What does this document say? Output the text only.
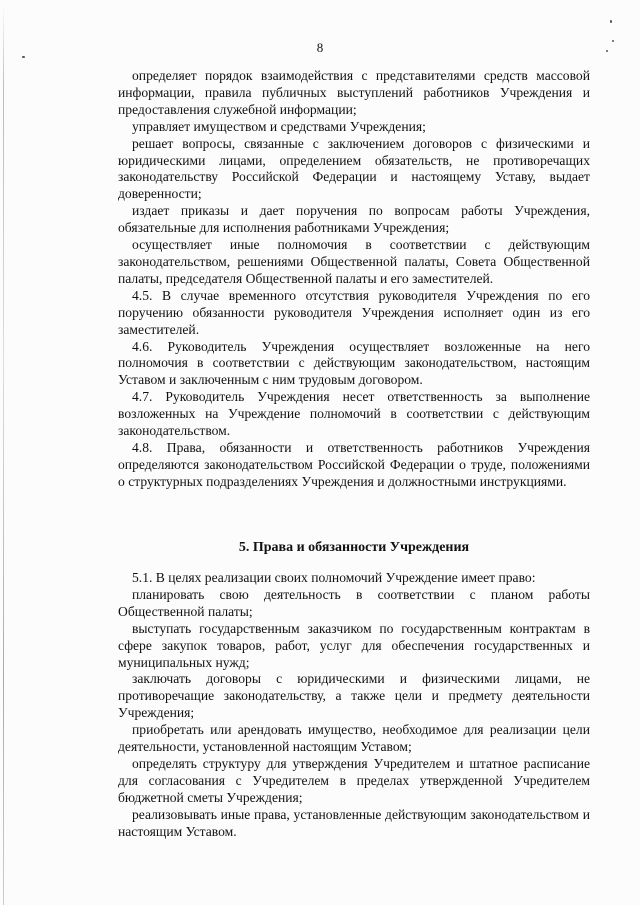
8

определяет порядок взаимодействия с представителями средств массовой информации, правила публичных выступлений работников Учреждения и предоставления служебной информации;

управляет имуществом и средствами Учреждения;

решает вопросы, связанные с заключением договоров с физическими и юридическими лицами, определением обязательств, не противоречащих законодательству Российской Федерации и настоящему Уставу, выдает доверенности;

издает приказы и дает поручения по вопросам работы Учреждения, обязательные для исполнения работниками Учреждения;

осуществляет иные полномочия в соответствии с действующим законодательством, решениями Общественной палаты, Совета Общественной палаты, председателя Общественной палаты и его заместителей.

4.5. В случае временного отсутствия руководителя Учреждения по его поручению обязанности руководителя Учреждения исполняет один из его заместителей.

4.6. Руководитель Учреждения осуществляет возложенные на него полномочия в соответствии с действующим законодательством, настоящим Уставом и заключенным с ним трудовым договором.

4.7. Руководитель Учреждения несет ответственность за выполнение возложенных на Учреждение полномочий в соответствии с действующим законодательством.

4.8. Права, обязанности и ответственность работников Учреждения определяются законодательством Российской Федерации о труде, положениями о структурных подразделениях Учреждения и должностными инструкциями.

5. Права и обязанности Учреждения

5.1. В целях реализации своих полномочий Учреждение имеет право:

планировать свою деятельность в соответствии с планом работы Общественной палаты;

выступать государственным заказчиком по государственным контрактам в сфере закупок товаров, работ, услуг для обеспечения государственных и муниципальных нужд;

заключать договоры с юридическими и физическими лицами, не противоречащие законодательству, а также цели и предмету деятельности Учреждения;

приобретать или арендовать имущество, необходимое для реализации цели деятельности, установленной настоящим Уставом;

определять структуру для утверждения Учредителем и штатное расписание для согласования с Учредителем в пределах утвержденной Учредителем бюджетной сметы Учреждения;

реализовывать иные права, установленные действующим законодательством и настоящим Уставом.
